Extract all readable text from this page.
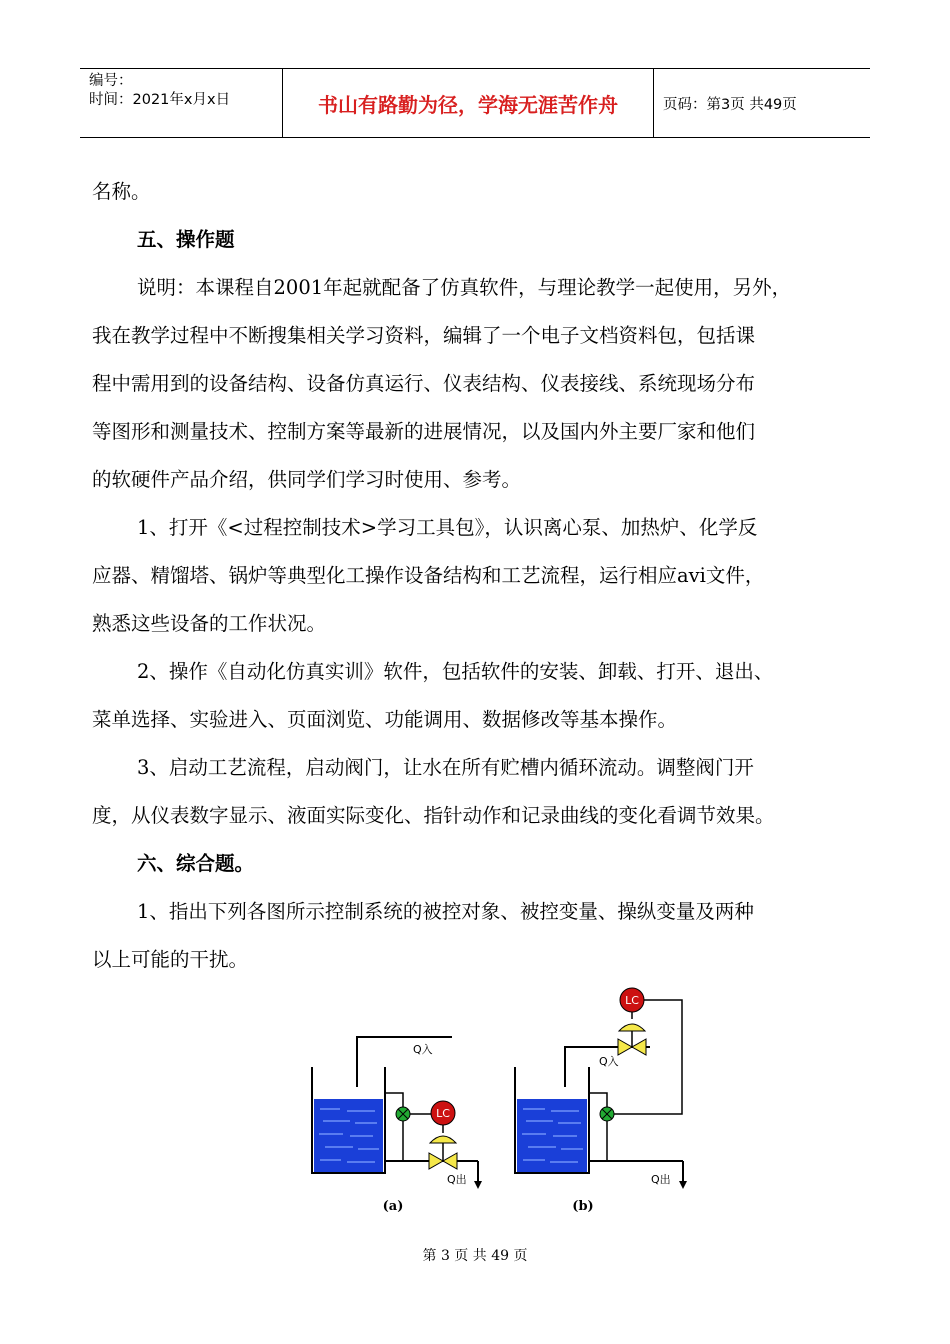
编号：
时间：2021年x月x日	书山有路勤为径，学海无涯苦作舟	页码：第3页 共49页

名称。

五、操作题

说明：本课程自2001年起就配备了仿真软件，与理论教学一起使用，另外，

我在教学过程中不断搜集相关学习资料，编辑了一个电子文档资料包，包括课

程中需用到的设备结构、设备仿真运行、仪表结构、仪表接线、系统现场分布

等图形和测量技术、控制方案等最新的进展情况，以及国内外主要厂家和他们

的软硬件产品介绍，供同学们学习时使用、参考。

1、打开《<过程控制技术>学习工具包》，认识离心泵、加热炉、化学反

应器、精馏塔、锅炉等典型化工操作设备结构和工艺流程，运行相应avi文件，

熟悉这些设备的工作状况。

2、操作《自动化仿真实训》软件，包括软件的安装、卸载、打开、退出、

菜单选择、实验进入、页面浏览、功能调用、数据修改等基本操作。

3、启动工艺流程，启动阀门，让水在所有贮槽内循环流动。调整阀门开

度，从仪表数字显示、液面实际变化、指针动作和记录曲线的变化看调节效果。

六、综合题。

1、指出下列各图所示控制系统的被控对象、被控变量、操纵变量及两种

以上可能的干扰。

LC
Q入
Q出
(a)
LC
Q入
Q出
(b)
第 3 页 共 49 页
